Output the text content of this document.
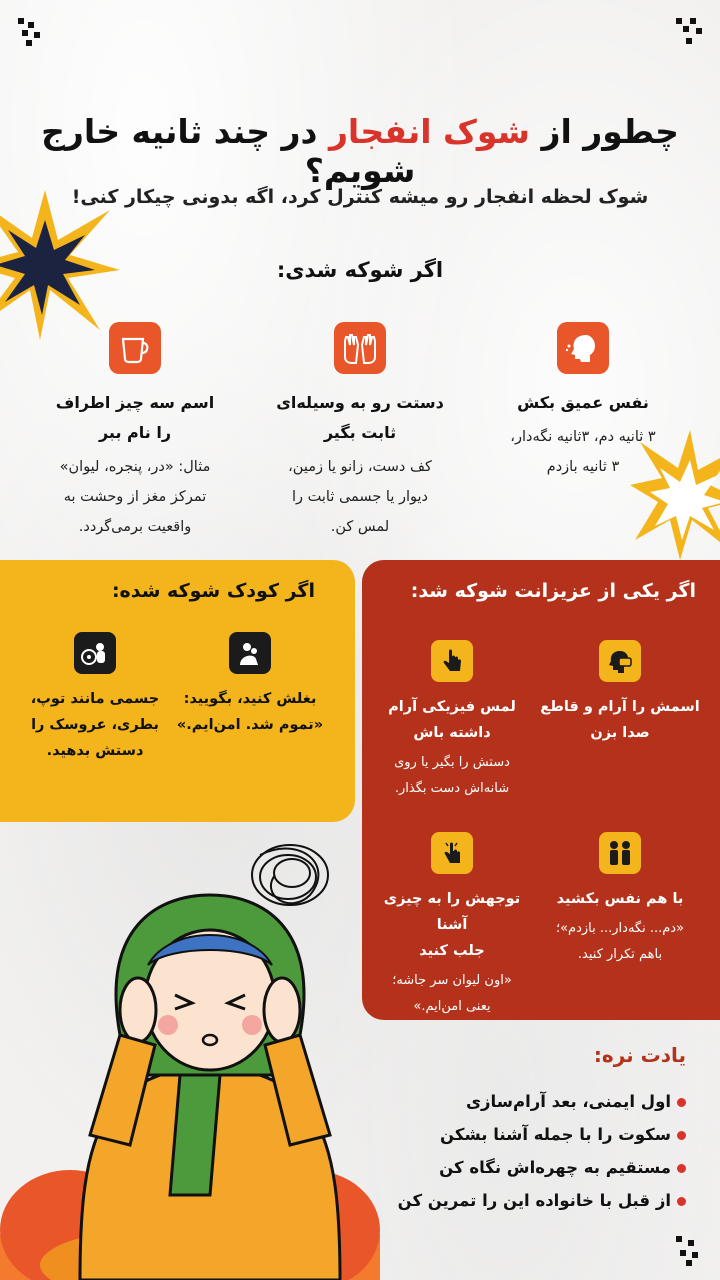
چطور از شوک انفجار در چند ثانیه خارج شویم؟
شوک لحظه انفجار رو میشه کنترل کرد، اگه بدونی چیکار کنی!
اگر شوکه شدی:
نفس عمیق بکش
۳ ثانیه دم، ۳ثانیه نگه‌دار،
۳ ثانیه بازدم
دستت رو به وسیله‌ای
ثابت بگیر
کف دست، زانو یا زمین،
دیوار یا جسمی ثابت را
لمس کن.
اسم سه چیز اطراف
را نام ببر
مثال: «در، پنجره، لیوان»
تمرکز مغز از وحشت به
واقعیت برمی‌گردد.
اگر کودک شوکه شده:
بغلش کنید، بگویید:
«تموم شد. امن‌ایم.»
جسمی مانند توپ،
بطری، عروسک را
دستش بدهید.
اگر یکی از عزیزانت شوکه شد:
اسمش را آرام و قاطع
صدا بزن
لمس فیزیکی آرام
داشته باش
دستش را بگیر یا روی
شانه‌اش دست بگذار.
با هم نفس بکشید
«دم... نگه‌دار... بازدم»؛
باهم تکرار کنید.
توجهش را به چیزی آشنا
جلب کنید
«اون لیوان سر جاشه؛
یعنی امن‌ایم.»
یادت نره:
اول ایمنی، بعد آرام‌سازی
سکوت را با جمله آشنا بشکن
مستقیم به چهره‌اش نگاه کن
از قبل با خانواده این را تمرین کن
